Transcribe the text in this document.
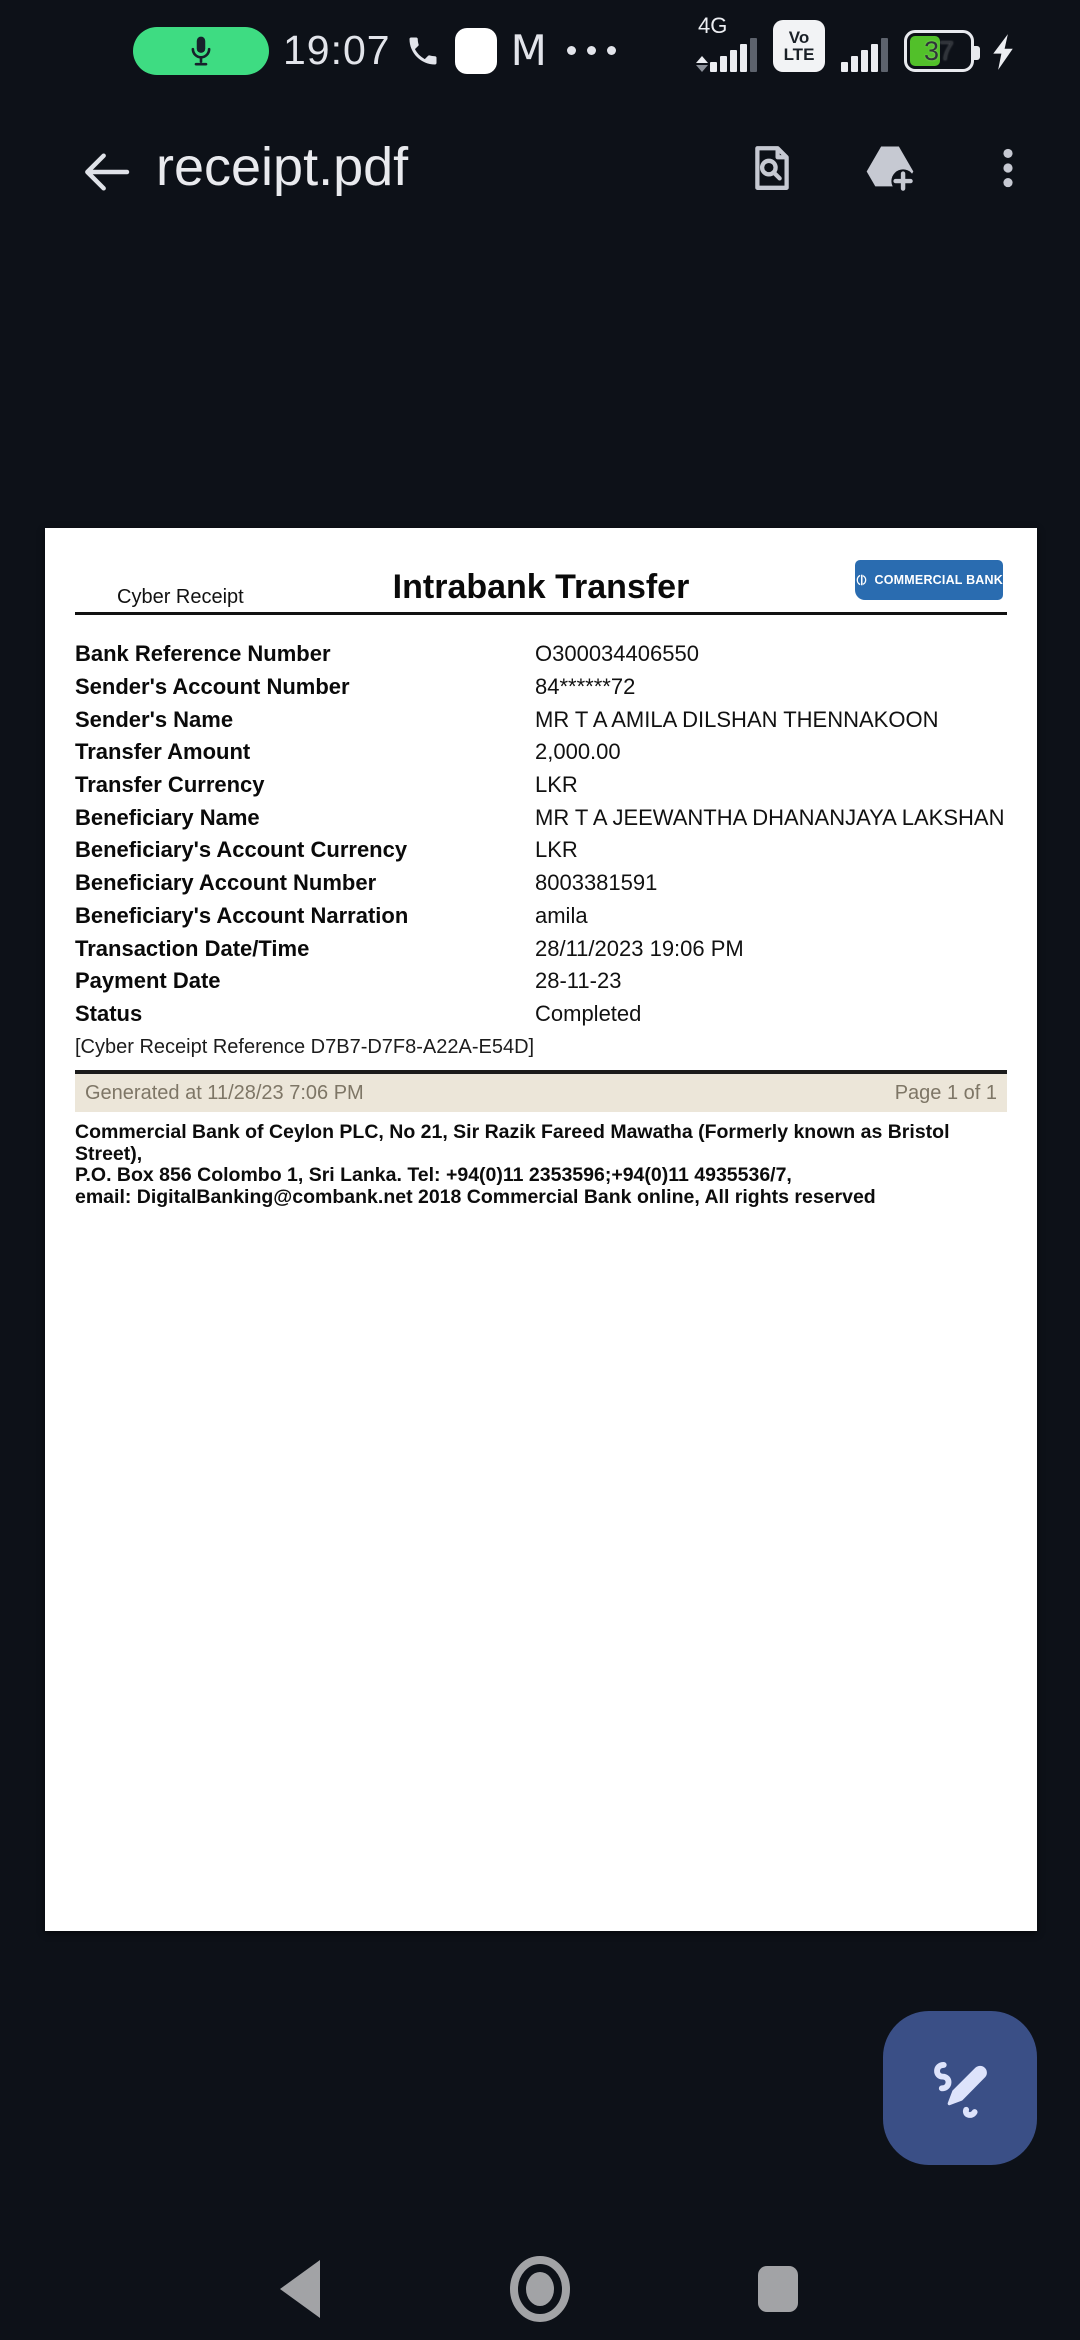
19:07	M
4G	Vo
LTE	37
receipt.pdf
Cyber Receipt	Intrabank Transfer	COMMERCIAL BANK
Bank Reference Number	O300034406550
Sender's Account Number	84******72
Sender's Name	MR T A AMILA DILSHAN THENNAKOON
Transfer Amount	2,000.00
Transfer Currency	LKR
Beneficiary Name	MR T A JEEWANTHA DHANANJAYA LAKSHAN
Beneficiary's Account Currency	LKR
Beneficiary Account Number	8003381591
Beneficiary's Account Narration	amila
Transaction Date/Time	28/11/2023 19:06 PM
Payment Date	28-11-23
Status	Completed
[Cyber Receipt Reference D7B7-D7F8-A22A-E54D]
Generated at 11/28/23 7:06 PM	Page 1 of 1
Commercial Bank of Ceylon PLC, No 21, Sir Razik Fareed Mawatha (Formerly known as Bristol Street),
P.O. Box 856 Colombo 1, Sri Lanka. Tel: +94(0)11 2353596;+94(0)11 4935536/7,
email: DigitalBanking@combank.net 2018 Commercial Bank online, All rights reserved
